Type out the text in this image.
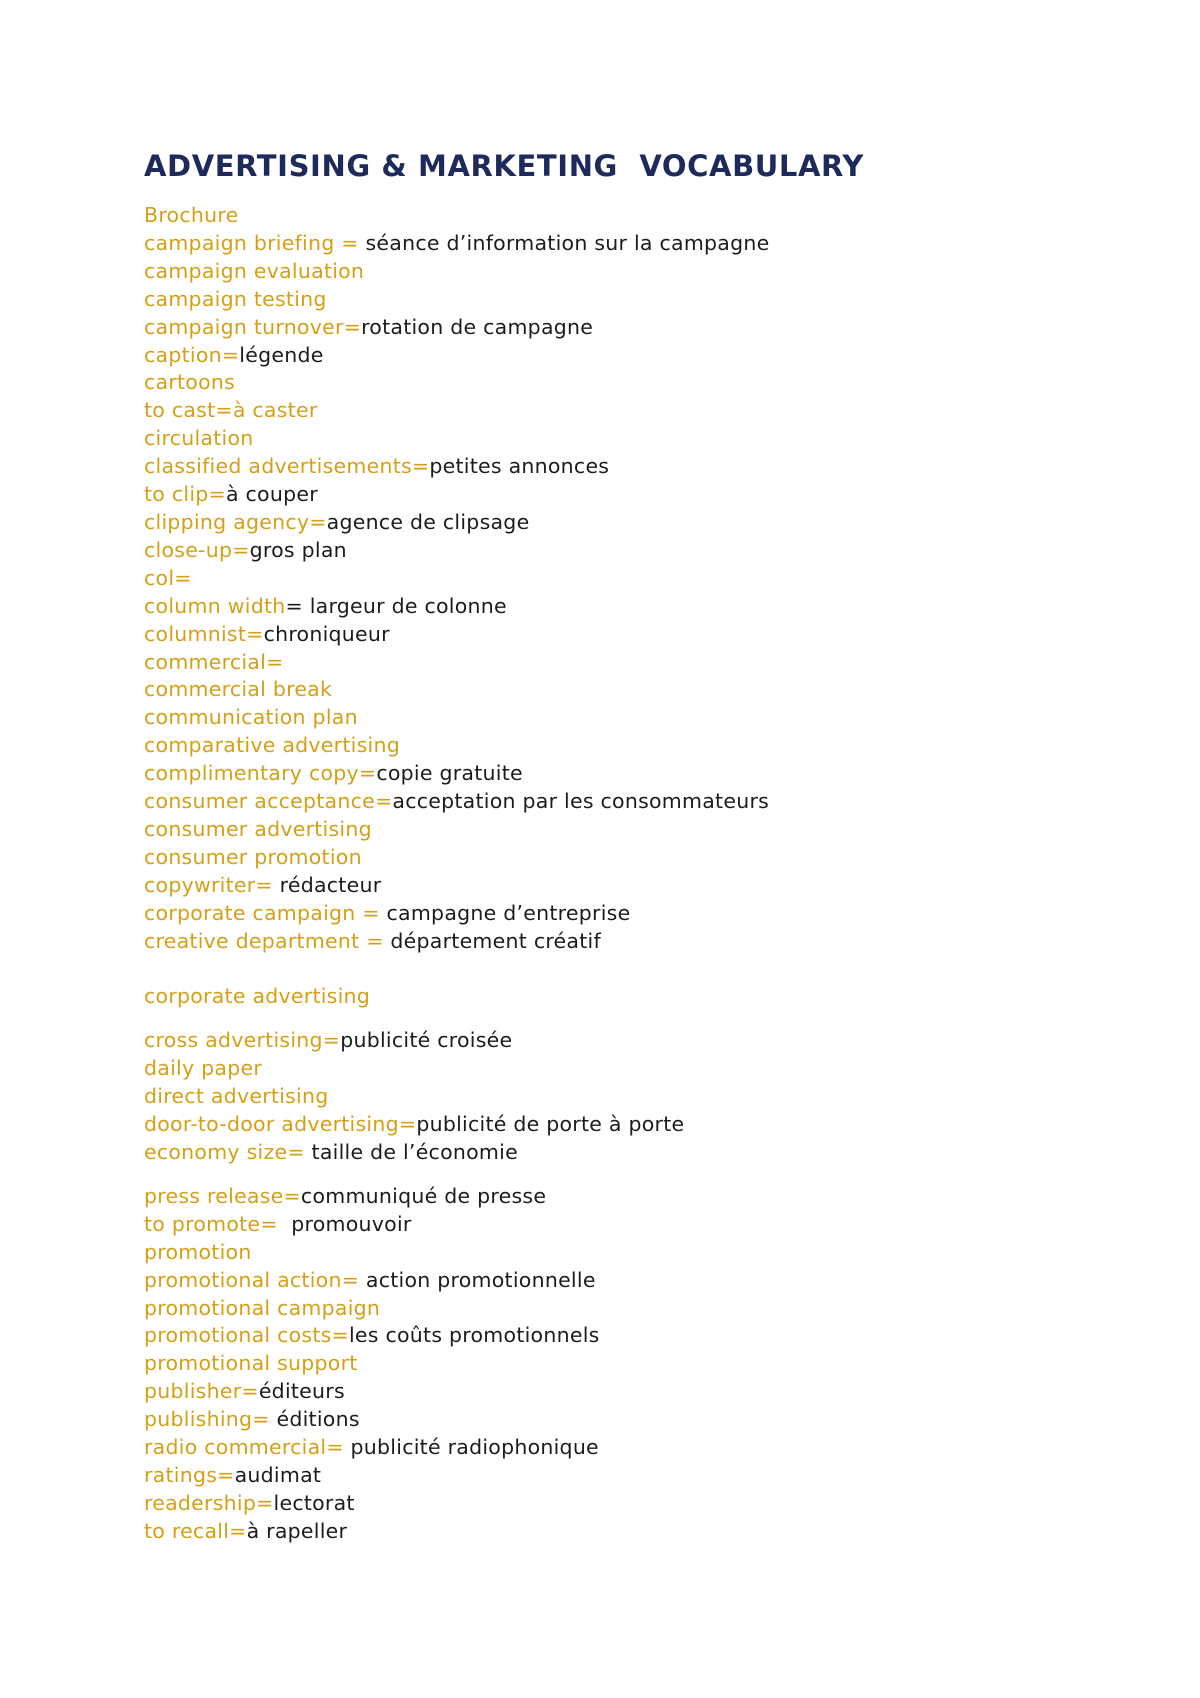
ADVERTISING & MARKETING  VOCABULARY
Brochure
campaign briefing = séance d’information sur la campagne
campaign evaluation
campaign testing
campaign turnover=rotation de campagne
caption=légende
cartoons
to cast=à caster
circulation
classified advertisements=petites annonces
to clip=à couper
clipping agency=agence de clipsage
close-up=gros plan
col=
column width= largeur de colonne
columnist=chroniqueur
commercial=
commercial break
communication plan
comparative advertising
complimentary copy=copie gratuite
consumer acceptance=acceptation par les consommateurs
consumer advertising
consumer promotion
copywriter= rédacteur
corporate campaign = campagne d’entreprise
creative department = département créatif
corporate advertising
cross advertising=publicité croisée
daily paper
direct advertising
door-to-door advertising=publicité de porte à porte
economy size= taille de l’économie
press release=communiqué de presse
to promote=  promouvoir
promotion
promotional action= action promotionnelle
promotional campaign
promotional costs=les coûts promotionnels
promotional support
publisher=éditeurs
publishing= éditions
radio commercial= publicité radiophonique
ratings=audimat
readership=lectorat
to recall=à rapeller
